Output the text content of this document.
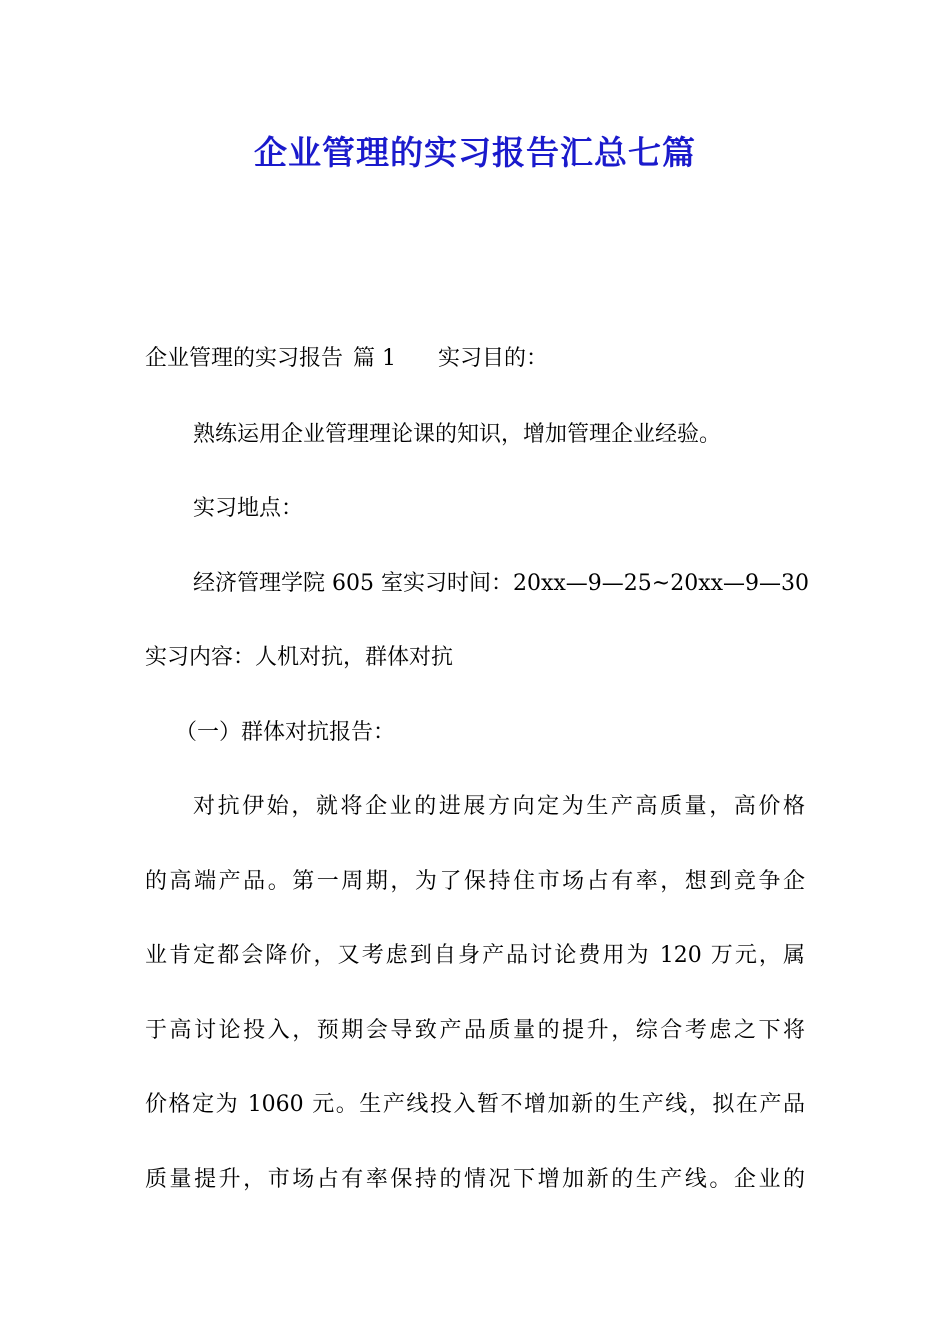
企业管理的实习报告汇总七篇
企业管理的实习报告 篇 1 实习目的：
熟练运用企业管理理论课的知识，增加管理企业经验。
实习地点：
经济管理学院 605 室实习时间：20xx—9—25~20xx—9—30
实习内容：人机对抗，群体对抗
（一）群体对抗报告：
对抗伊始，就将企业的进展方向定为生产高质量，高价格
的高端产品。第一周期，为了保持住市场占有率，想到竞争企
业肯定都会降价，又考虑到自身产品讨论费用为 120 万元，属
于高讨论投入，预期会导致产品质量的提升，综合考虑之下将
价格定为 1060 元。生产线投入暂不增加新的生产线，拟在产品
质量提升，市场占有率保持的情况下增加新的生产线。企业的
